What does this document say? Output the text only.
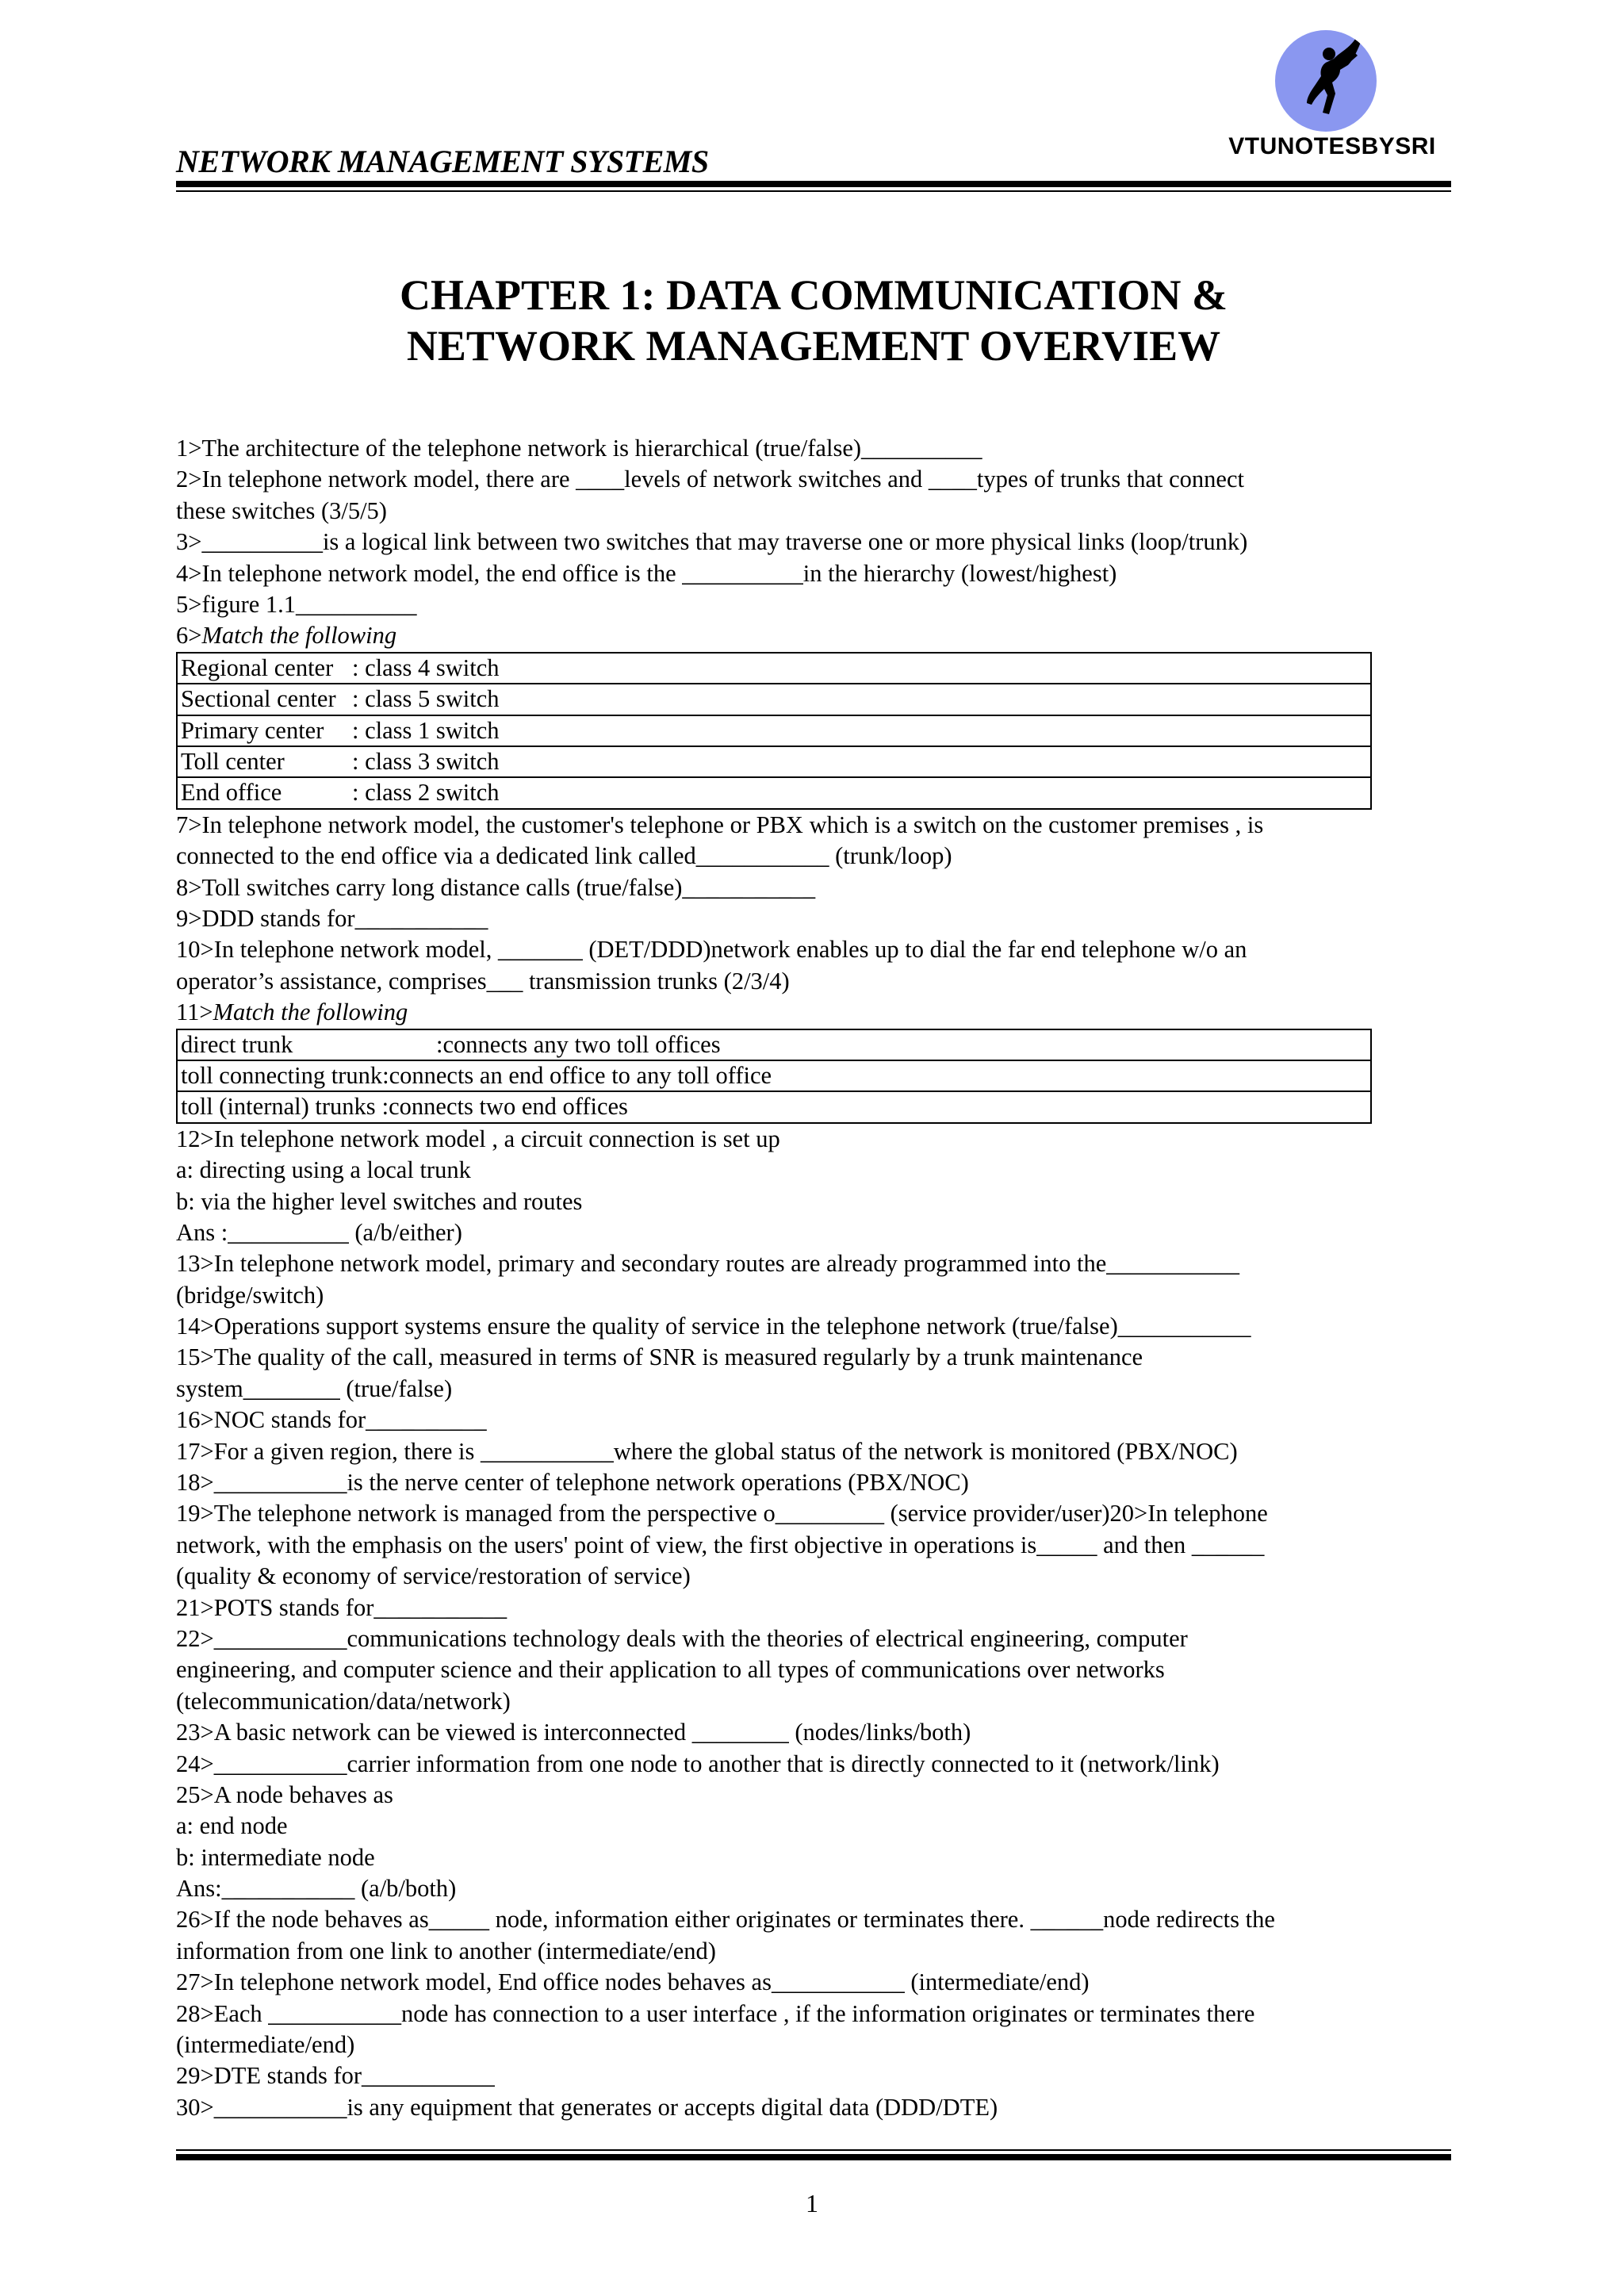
NETWORK MANAGEMENT SYSTEMS	VTUNOTESBYSRI
CHAPTER 1: DATA COMMUNICATION &
NETWORK MANAGEMENT OVERVIEW
1>The architecture of the telephone network is hierarchical (true/false)__________
2>In telephone network model, there are ____levels of network switches and ____types of trunks that connect
these switches (3/5/5)
3>__________is a logical link between two switches that may traverse one or more physical links (loop/trunk)
4>In telephone network model, the end office is the __________in the hierarchy (lowest/highest)
5>figure 1.1__________
6>Match the following
Regional center : class 4 switch
Sectional center : class 5 switch
Primary center : class 1 switch
Toll center	: class 3 switch
End office	: class 2 switch
7>In telephone network model, the customer's telephone or PBX which is a switch on the customer premises , is
connected to the end office via a dedicated link called___________ (trunk/loop)
8>Toll switches carry long distance calls (true/false)___________
9>DDD stands for___________
10>In telephone network model, _______ (DET/DDD)network enables up to dial the far end telephone w/o an
operator’s assistance, comprises___ transmission trunks (2/3/4)
11>Match the following
direct trunk	:connects any two toll offices
toll connecting trunk:connects an end office to any toll office
toll (internal) trunks :connects two end offices
12>In telephone network model , a circuit connection is set up
a: directing using a local trunk
b: via the higher level switches and routes
Ans :__________ (a/b/either)
13>In telephone network model, primary and secondary routes are already programmed into the___________
(bridge/switch)
14>Operations support systems ensure the quality of service in the telephone network (true/false)___________
15>The quality of the call, measured in terms of SNR is measured regularly by a trunk maintenance
system________ (true/false)
16>NOC stands for__________
17>For a given region, there is ___________where the global status of the network is monitored (PBX/NOC)
18>___________is the nerve center of telephone network operations (PBX/NOC)
19>The telephone network is managed from the perspective o_________ (service provider/user)20>In telephone
network, with the emphasis on the users' point of view, the first objective in operations is_____ and then ______
(quality & economy of service/restoration of service)
21>POTS stands for___________
22>___________communications technology deals with the theories of electrical engineering, computer
engineering, and computer science and their application to all types of communications over networks
(telecommunication/data/network)
23>A basic network can be viewed is interconnected ________ (nodes/links/both)
24>___________carrier information from one node to another that is directly connected to it (network/link)
25>A node behaves as
a: end node
b: intermediate node
Ans:___________ (a/b/both)
26>If the node behaves as_____ node, information either originates or terminates there. ______node redirects the
information from one link to another (intermediate/end)
27>In telephone network model, End office nodes behaves as___________ (intermediate/end)
28>Each ___________node has connection to a user interface , if the information originates or terminates there
(intermediate/end)
29>DTE stands for___________
30>___________is any equipment that generates or accepts digital data (DDD/DTE)
1
